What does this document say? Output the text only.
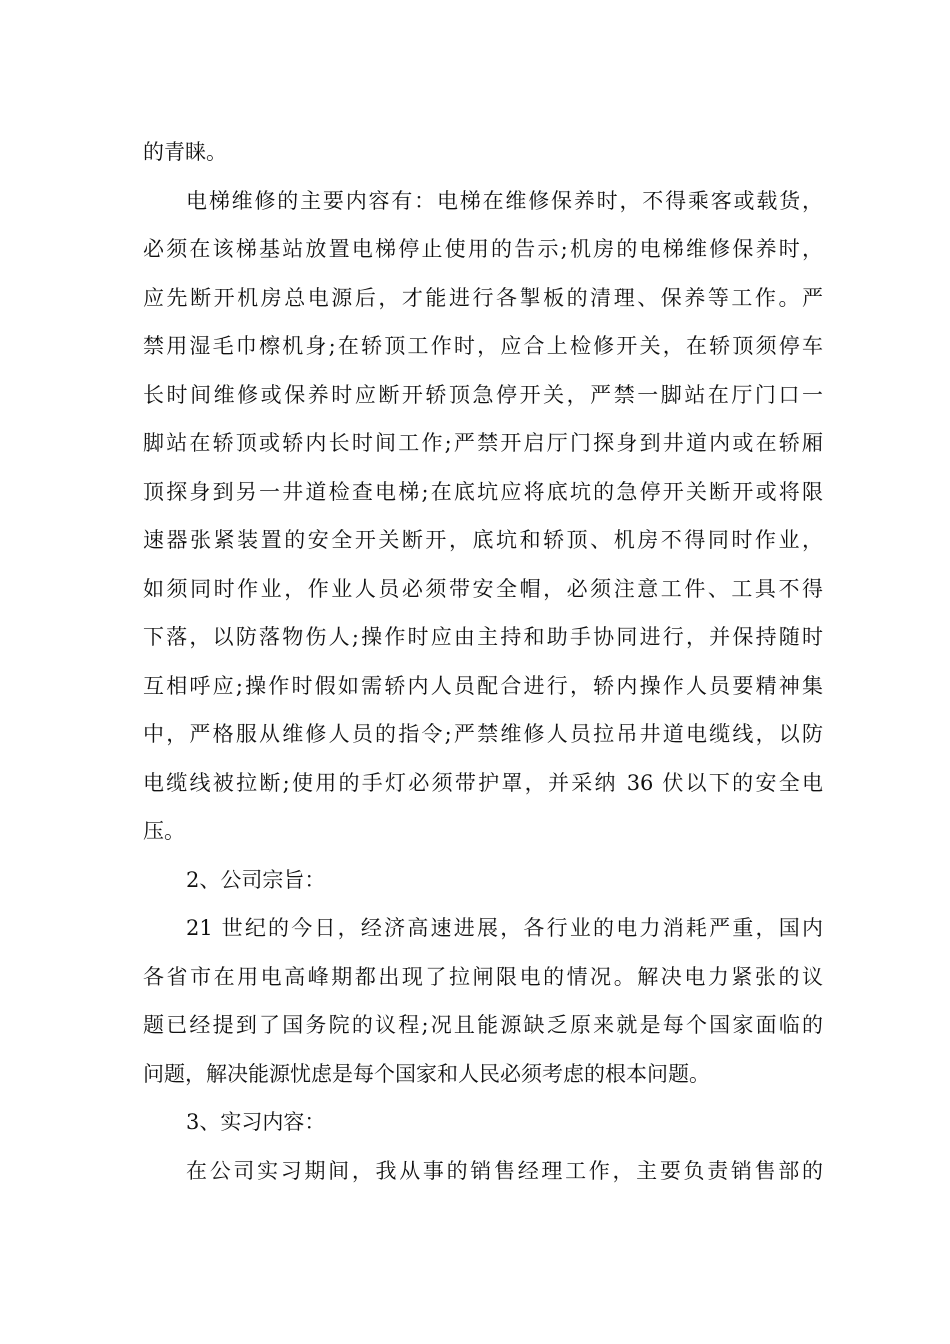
的青睐。
电梯维修的主要内容有：电梯在维修保养时，不得乘客或载货，
必须在该梯基站放置电梯停止使用的告示;机房的电梯维修保养时，
应先断开机房总电源后，才能进行各掣板的清理、保养等工作。严
禁用湿毛巾檫机身;在轿顶工作时，应合上检修开关，在轿顶须停车
长时间维修或保养时应断开轿顶急停开关，严禁一脚站在厅门口一
脚站在轿顶或轿内长时间工作;严禁开启厅门探身到井道内或在轿厢
顶探身到另一井道检查电梯;在底坑应将底坑的急停开关断开或将限
速器张紧装置的安全开关断开，底坑和轿顶、机房不得同时作业，
如须同时作业，作业人员必须带安全帽，必须注意工件、工具不得
下落，以防落物伤人;操作时应由主持和助手协同进行，并保持随时
互相呼应;操作时假如需轿内人员配合进行，轿内操作人员要精神集
中，严格服从维修人员的指令;严禁维修人员拉吊井道电缆线，以防
电缆线被拉断;使用的手灯必须带护罩，并采纳 36 伏以下的安全电
压。
2、公司宗旨：
21 世纪的今日，经济高速进展，各行业的电力消耗严重，国内
各省市在用电高峰期都出现了拉闸限电的情况。解决电力紧张的议
题已经提到了国务院的议程;况且能源缺乏原来就是每个国家面临的
问题，解决能源忧虑是每个国家和人民必须考虑的根本问题。
3、实习内容：
在公司实习期间，我从事的销售经理工作，主要负责销售部的
